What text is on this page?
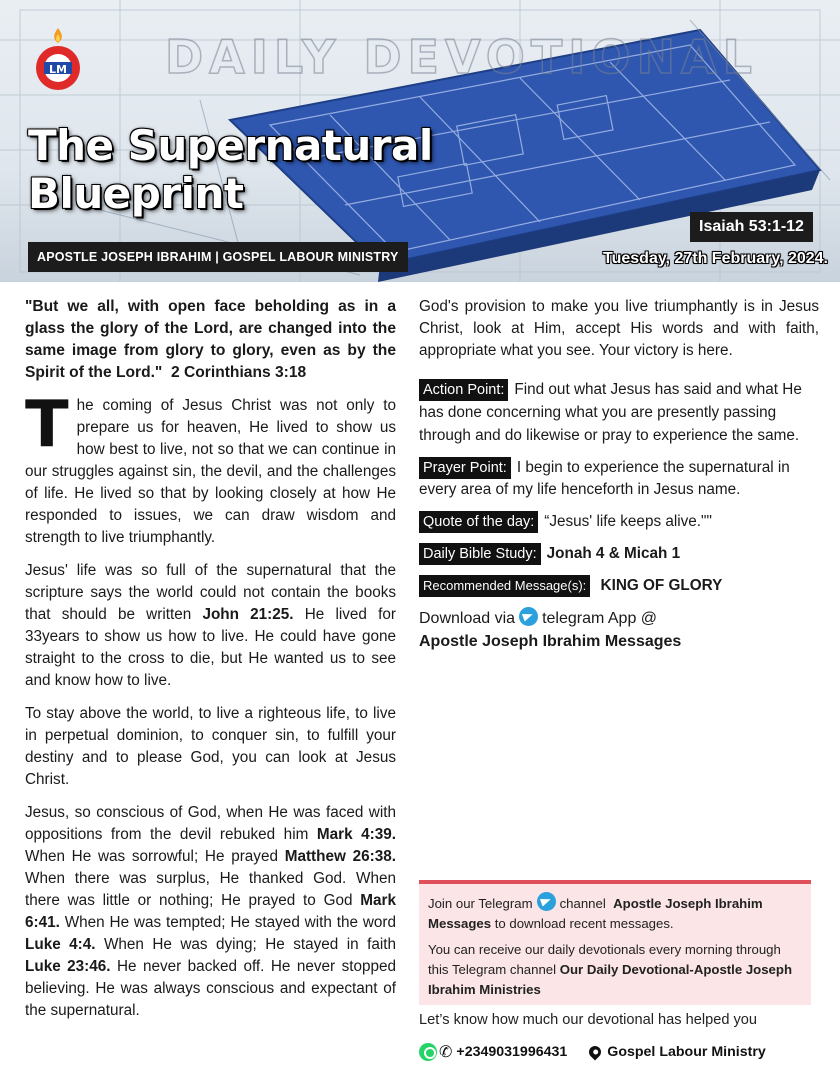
DAILY DEVOTIONAL
LM
The Supernatural
Blueprint
APOSTLE JOSEPH IBRAHIM | GOSPEL LABOUR MINISTRY
Isaiah 53:1-12
Tuesday, 27th February, 2024.

"But we all, with open face beholding as in a glass the glory of the Lord, are changed into the same image from glory to glory, even as by the Spirit of the Lord." 2 Corinthians 3:18

The coming of Jesus Christ was not only to prepare us for heaven, He lived to show us how best to live, not so that we can continue in our struggles against sin, the devil, and the challenges of life. He lived so that by looking closely at how He responded to issues, we can draw wisdom and strength to live triumphantly.

Jesus' life was so full of the supernatural that the scripture says the world could not contain the books that should be written John 21:25. He lived for 33years to show us how to live. He could have gone straight to the cross to die, but He wanted us to see and know how to live.

To stay above the world, to live a righteous life, to live in perpetual dominion, to conquer sin, to fulfill your destiny and to please God, you can look at Jesus Christ.

Jesus, so conscious of God, when He was faced with oppositions from the devil rebuked him Mark 4:39. When He was sorrowful; He prayed Matthew 26:38. When there was surplus, He thanked God. When there was little or nothing; He prayed to God Mark 6:41. When He was tempted; He stayed with the word Luke 4:4. When He was dying; He stayed in faith Luke 23:46. He never backed off. He never stopped believing. He was always conscious and expectant of the supernatural.

God's provision to make you live triumphantly is in Jesus Christ, look at Him, accept His words and with faith, appropriate what you see. Your victory is here.

Action Point: Find out what Jesus has said and what He has done concerning what you are presently passing through and do likewise or pray to experience the same.
Prayer Point: I begin to experience the supernatural in every area of my life henceforth in Jesus name.
Quote of the day: “Jesus' life keeps alive.""
Daily Bible Study: Jonah 4 & Micah 1
Recommended Message(s): KING OF GLORY
Download via telegram App @
Apostle Joseph Ibrahim Messages

Join our Telegram channel Apostle Joseph Ibrahim Messages to download recent messages.

You can receive our daily devotionals every morning through this Telegram channel Our Daily Devotional-Apostle Joseph Ibrahim Ministries

Let’s know how much our devotional has helped you
✆ +2349031996431	Gospel Labour Ministry
